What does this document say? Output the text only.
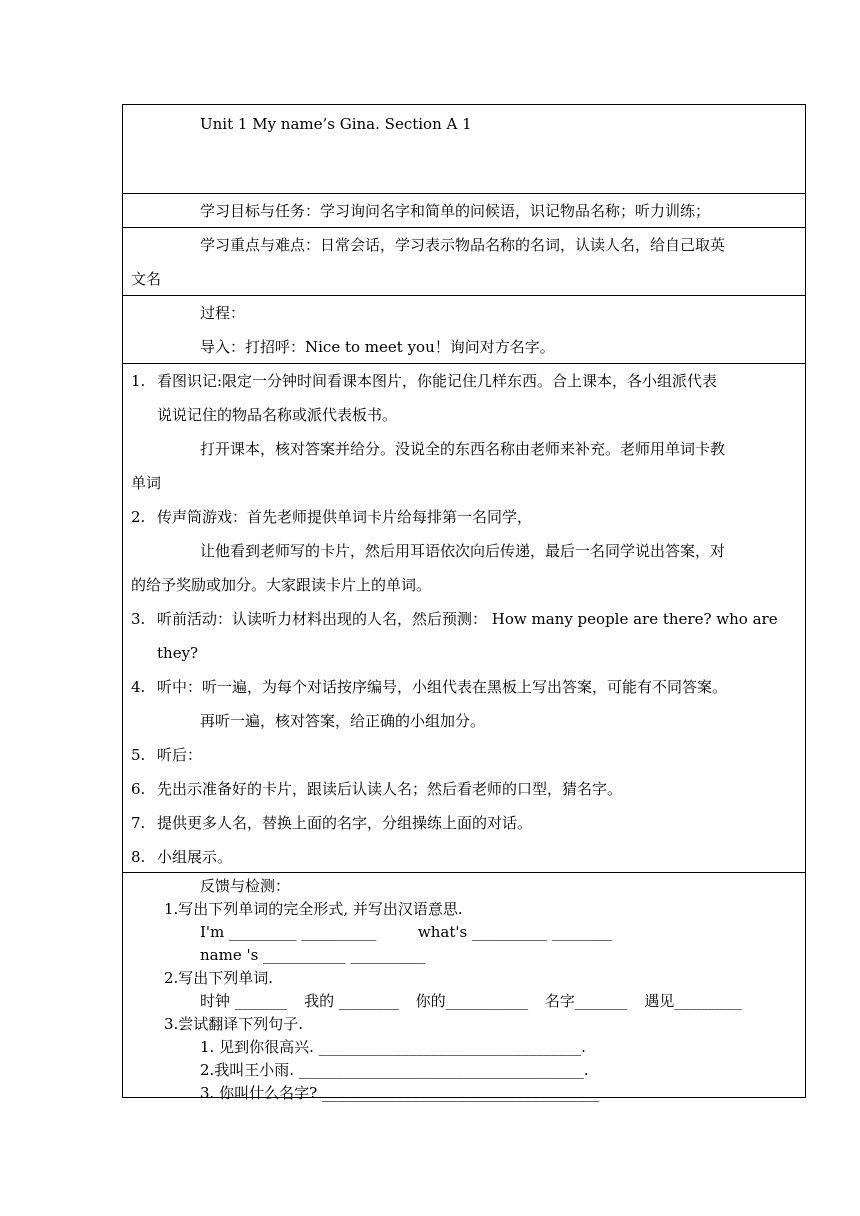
Unit 1 My name’s Gina. Section A 1
学习目标与任务：学习询问名字和简单的问候语，识记物品名称；听力训练；
学习重点与难点：日常会话，学习表示物品名称的名词，认读人名，给自己取英
文名
过程：
导入：打招呼：Nice to meet you！询问对方名字。
1. 看图识记:限定一分钟时间看课本图片，你能记住几样东西。合上课本，各小组派代表
说说记住的物品名称或派代表板书。
打开课本，核对答案并给分。没说全的东西名称由老师来补充。老师用单词卡教
单词
2. 传声筒游戏：首先老师提供单词卡片给每排第一名同学，
让他看到老师写的卡片，然后用耳语依次向后传递，最后一名同学说出答案，对
的给予奖励或加分。大家跟读卡片上的单词。
3. 听前活动：认读听力材料出现的人名，然后预测： How many people are there? who are
they?
4. 听中：听一遍，为每个对话按序编号，小组代表在黑板上写出答案，可能有不同答案。
再听一遍，核对答案，给正确的小组加分。
5. 听后：
6. 先出示准备好的卡片，跟读后认读人名；然后看老师的口型，猜名字。
7. 提供更多人名，替换上面的名字，分组操练上面的对话。
8. 小组展示。
反馈与检测：
1.写出下列单词的完全形式, 并写出汉语意思.
I'm _________ __________	what's __________ ________
name 's ___________ __________
2.写出下列单词.
时钟 _______ 我的 ________ 你的___________ 名字_______ 遇见_________
3.尝试翻译下列句子.
1. 见到你很高兴. ___________________________________.
2.我叫王小雨. ______________________________________.
3. 你叫什么名字? _____________________________________
